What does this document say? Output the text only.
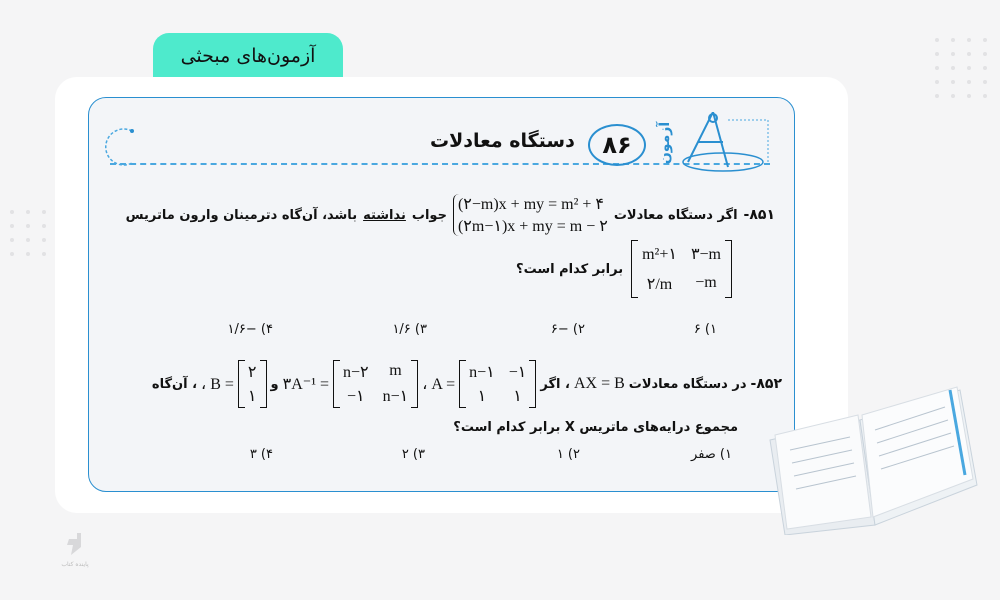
آزمون‌های مبحثی
دستگاه معادلات	۸۶	آزمون
۸۵۱-
اگر دستگاه معادلات
(۲−m)x + my = m² + ۴
(۲m−۱)x + my = m − ۲
جواب
نداشته
باشد، آن‌گاه دترمینان وارون ماتریس
m²+۱ ۳−m
۲/m −m
برابر کدام است؟
۱) ۶
۲) −۶
۳) ۱/۶
۴) −۱/۶
۸۵۲-
در دستگاه معادلات
AX = B
، اگر
n−۱ −۱
۱	۱
، A =
n−۲	m
−۱ n−۱
۳A⁻¹ =
و
۲
۱
، B =
، آن‌گاه
مجموع درایه‌های ماتریس X برابر کدام است؟
۱) صفر
۲) ۱
۳) ۲
۴) ۳
پاینده کتاب
